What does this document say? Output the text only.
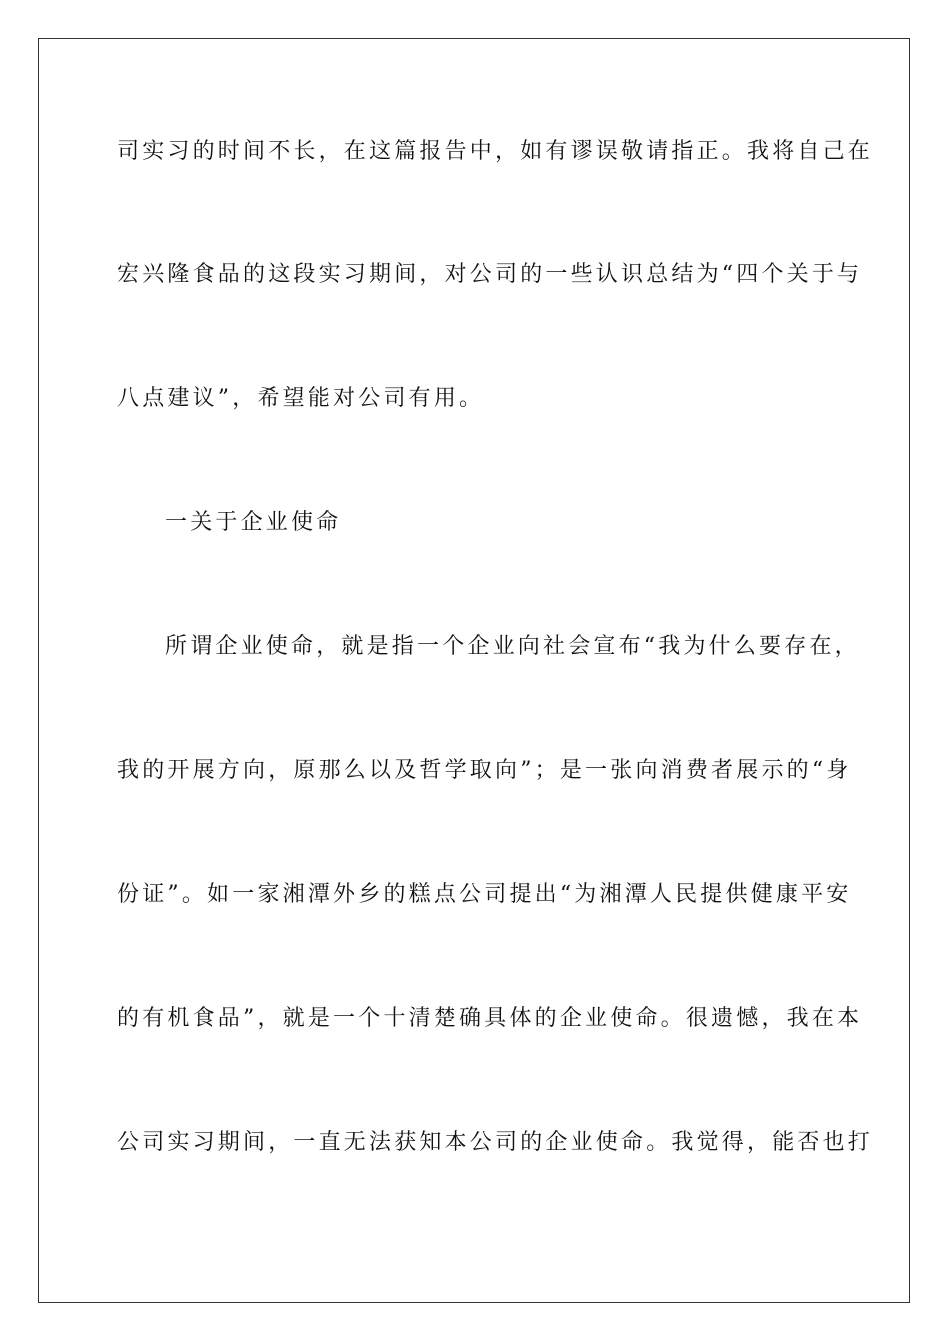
司实习的时间不长，在这篇报告中，如有谬误敬请指正。我将自己在
宏兴隆食品的这段实习期间，对公司的一些认识总结为“四个关于与
八点建议”，希望能对公司有用。
一关于企业使命
所谓企业使命，就是指一个企业向社会宣布“我为什么要存在，
我的开展方向，原那么以及哲学取向”；是一张向消费者展示的“身
份证”。如一家湘潭外乡的糕点公司提出“为湘潭人民提供健康平安
的有机食品”，就是一个十清楚确具体的企业使命。很遗憾，我在本
公司实习期间，一直无法获知本公司的企业使命。我觉得，能否也打
